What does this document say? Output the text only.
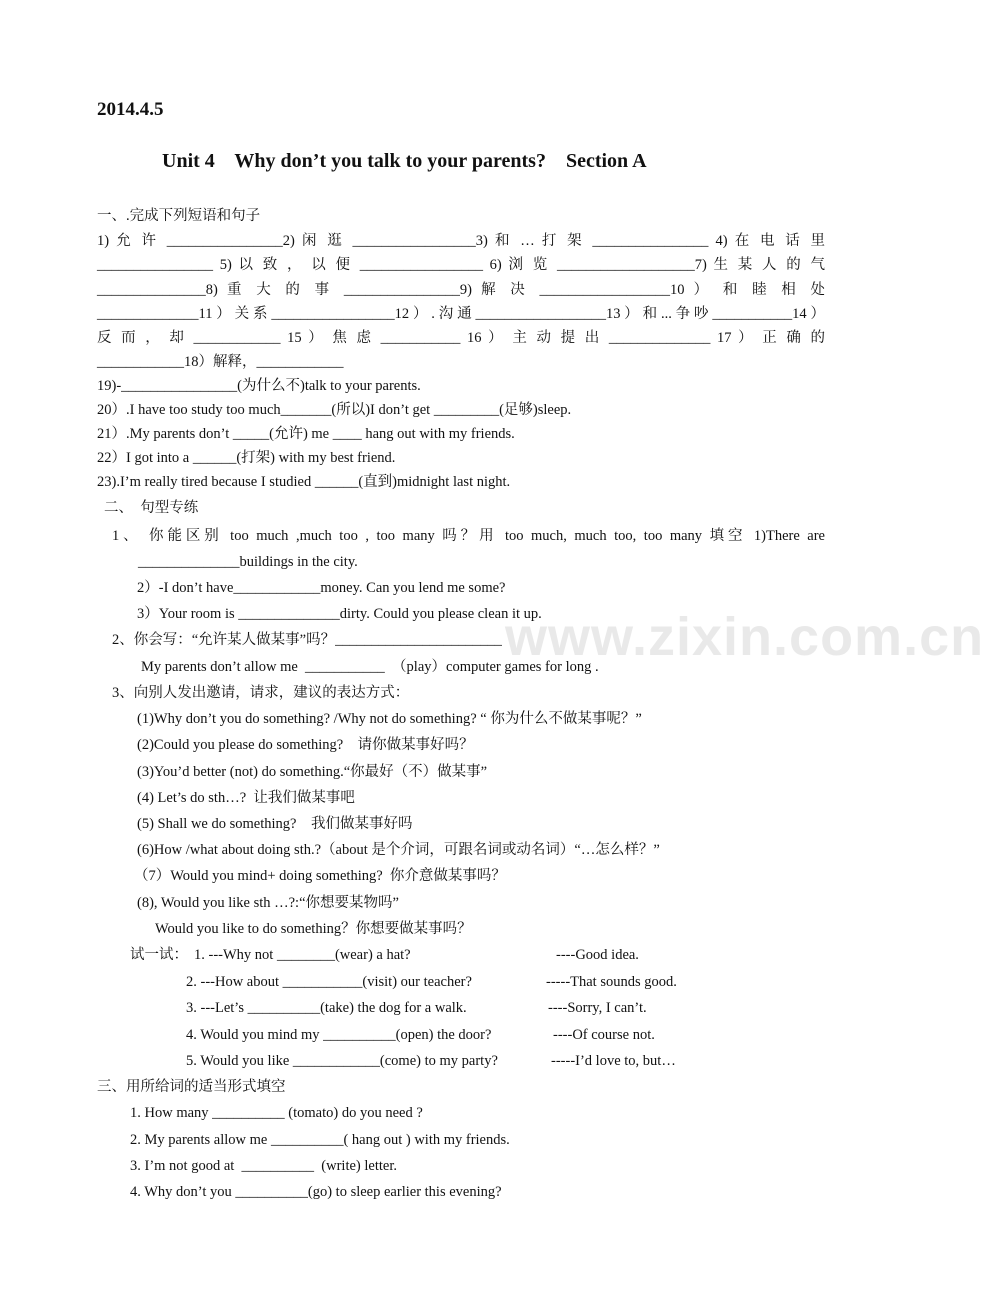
www.zixin.com.cn
2014.4.5
Unit 4    Why don’t you talk to your parents?    Section A
一、.完成下列短语和句子
1) 允 许 ________________2) 闲 逛 _________________3) 和 … 打 架 ________________ 4) 在 电 话 里
________________ 5) 以 致 ， 以 便 _________________ 6) 浏 览 ___________________7) 生 某 人 的 气
_______________8) 重 大 的 事 ________________9) 解 决 __________________10 ） 和 睦 相 处
______________11）关系_________________12）.沟通__________________13）和...争吵___________14）
反 而 ， 却 ____________ 15 ） 焦 虑 ___________ 16 ） 主 动 提 出 ______________ 17 ） 正 确 的
____________18）解释，____________
19)-________________(为什么不)talk to your parents.
20）.I have too study too much_______(所以)I don’t get _________(足够)sleep.
21）.My parents don’t _____(允许) me ____ hang out with my friends.
22）I got into a ______(打架) with my best friend.
23).I’m really tired because I studied ______(直到)midnight last night.
二、  句型专练
1、 你能区别 too much ,much too , too many 吗？用 too much, much too, too many 填空 1)There are
______________buildings in the city.
2）-I don’t have____________money. Can you lend me some?
3）Your room is ______________dirty. Could you please clean it up.
2、你会写：“允许某人做某事”吗？_______________________
My parents don’t allow me  ___________  （play）computer games for long .
3、向别人发出邀请，请求，建议的表达方式：
(1)Why don’t you do something? /Why not do something? “ 你为什么不做某事呢？”
(2)Could you please do something?    请你做某事好吗？
(3)You’d better (not) do something.“你最好（不）做某事”
(4) Let’s do sth…?  让我们做某事吧
(5) Shall we do something?    我们做某事好吗
(6)How /what about doing sth.?（about 是个介词，可跟名词或动名词）“…怎么样？”
（7）Would you mind+ doing something?  你介意做某事吗？
(8), Would you like sth …?:“你想要某物吗”
Would you like to do something？你想要做某事吗？
试一试： 1. ---Why not ________(wear) a hat?	----Good idea.
2. ---How about ___________(visit) our teacher?	-----That sounds good.
3. ---Let’s __________(take) the dog for a walk.	----Sorry, I can’t.
4. Would you mind my __________(open) the door?	----Of course not.
5. Would you like ____________(come) to my party?	-----I’d love to, but…
三、用所给词的适当形式填空
1. How many __________ (tomato) do you need ?
2. My parents allow me __________( hang out ) with my friends.
3. I’m not good at  __________  (write) letter.
4. Why don’t you __________(go) to sleep earlier this evening?
